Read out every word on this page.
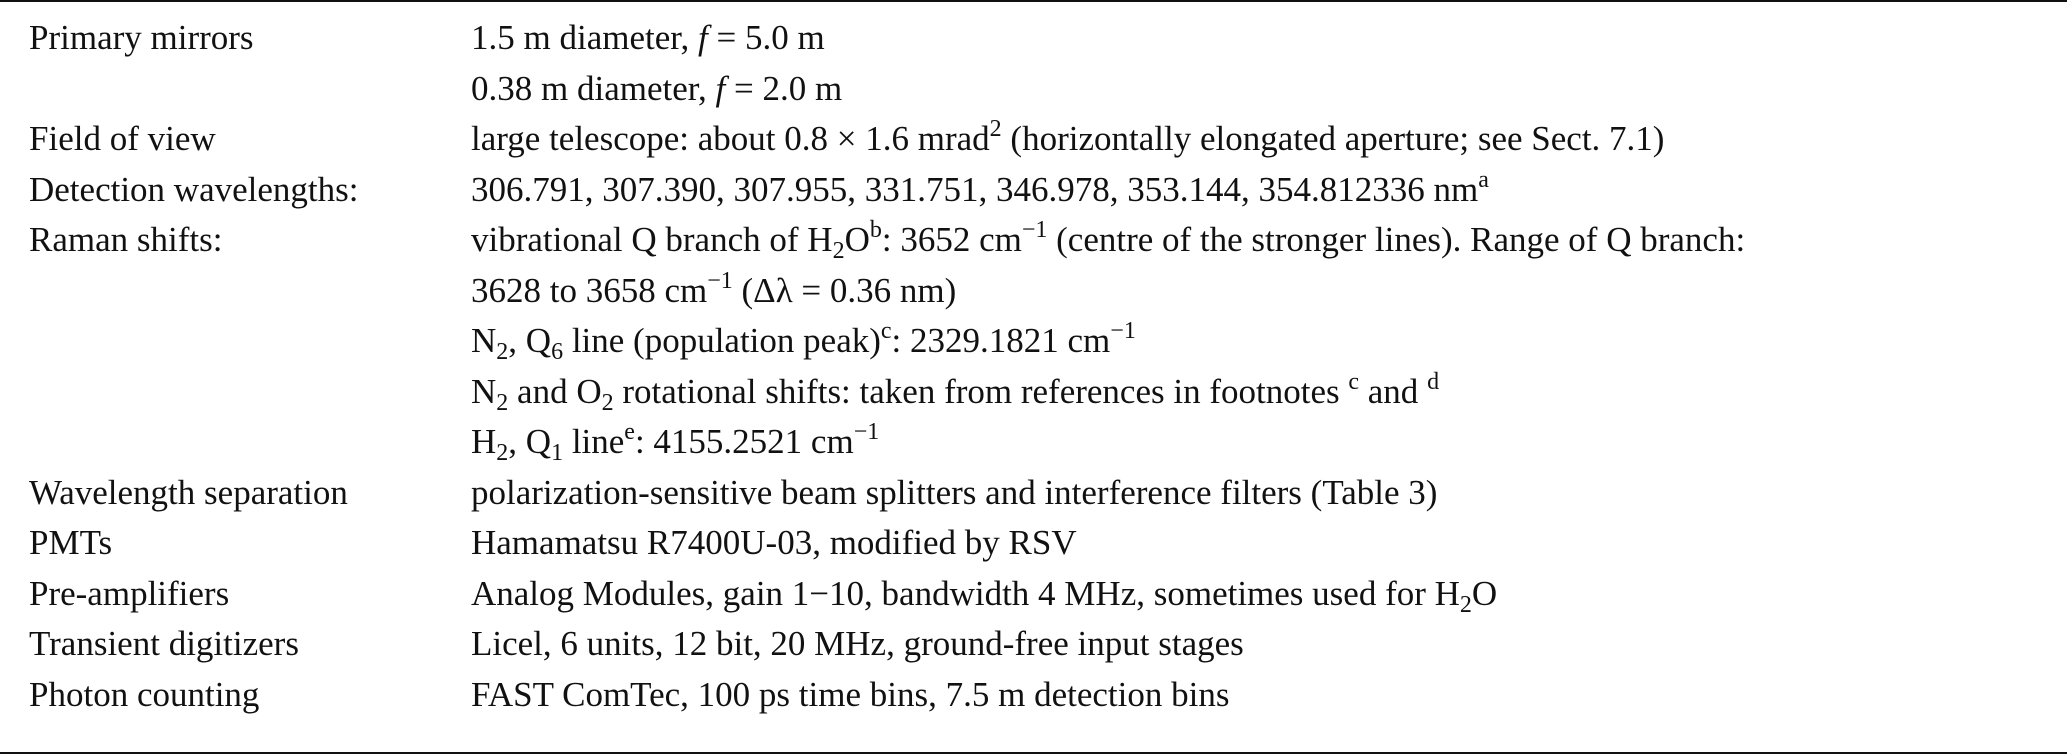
Primary mirrors	1.5 m diameter, f = 5.0 m
0.38 m diameter, f = 2.0 m
Field of view	large telescope: about 0.8 × 1.6 mrad$^2$ (horizontally elongated aperture; see Sect. 7.1)
Detection wavelengths:	306.791, 307.390, 307.955, 331.751, 346.978, 353.144, 354.812336 $nm^a$
Raman shifts:	vibrational Q branch of $H_2O^b$: 3652 $cm^{-1}$ (centre of the stronger lines). Range of Q branch:
3628 to 3658 $cm^{-1}$ (Δλ = 0.36 nm)
$N_2$, $Q_6$ line (population peak)$^c$: 2329.1821 $cm^{-1}$
$N_2$ and $O_2$ rotational shifts: taken from references in footnotes $^c$ and $^d$
$H_2$, $Q_1$ line$^e$: 4155.2521 $cm^{-1}$
Wavelength separation	polarization-sensitive beam splitters and interference filters (Table 3)
PMTs	Hamamatsu R7400U-03, modified by RSV
Pre-amplifiers	Analog Modules, gain 1−10, bandwidth 4 MHz, sometimes used for $H_2O$
Transient digitizers	Licel, 6 units, 12 bit, 20 MHz, ground-free input stages
Photon counting	FAST ComTec, 100 ps time bins, 7.5 m detection bins
